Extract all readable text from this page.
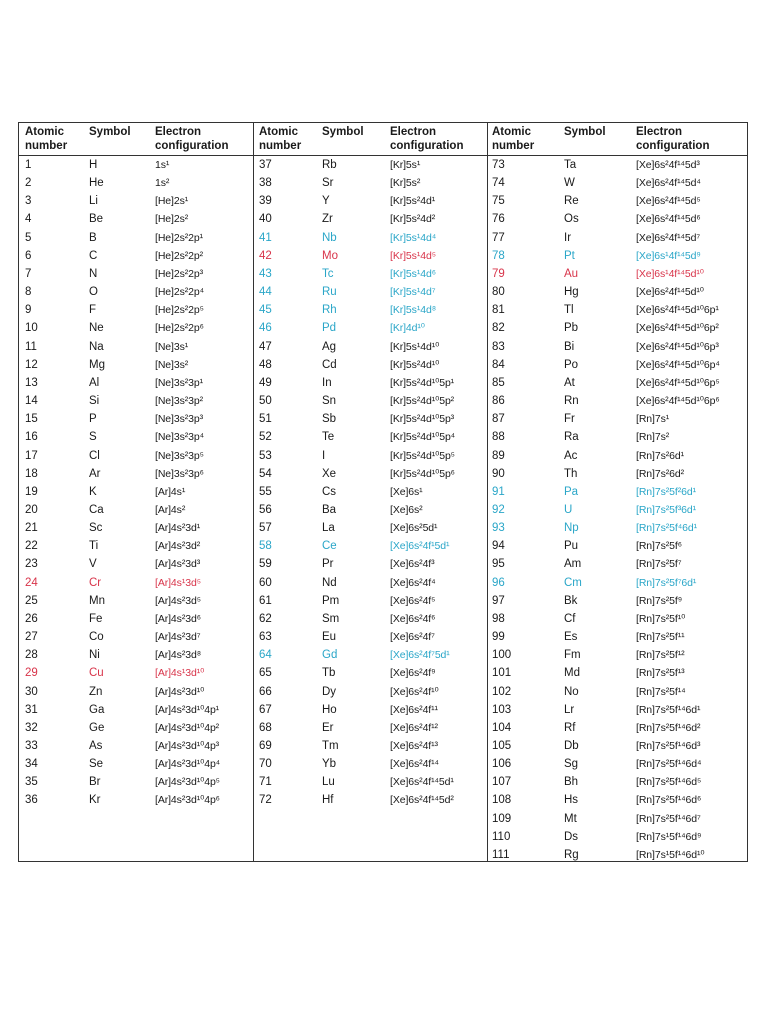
Atomic
number
Symbol Electron
configuration
1	H	1s¹
2	He	1s²
3	Li	[He]2s¹
4	Be	[He]2s²
5	B	[He]2s²2p¹
6	C	[He]2s²2p²
7	N	[He]2s²2p³
8	O	[He]2s²2p⁴
9	F	[He]2s²2p⁵
10	Ne	[He]2s²2p⁶
11	Na	[Ne]3s¹
12	Mg	[Ne]3s²
13	Al	[Ne]3s²3p¹
14	Si	[Ne]3s²3p²
15	P	[Ne]3s²3p³
16	S	[Ne]3s²3p⁴
17	Cl	[Ne]3s²3p⁵
18	Ar	[Ne]3s²3p⁶
19	K	[Ar]4s¹
20	Ca	[Ar]4s²
21	Sc	[Ar]4s²3d¹
22	Ti	[Ar]4s²3d²
23	V	[Ar]4s²3d³
24	Cr	[Ar]4s¹3d⁵
25	Mn	[Ar]4s²3d⁵
26	Fe	[Ar]4s²3d⁶
27	Co	[Ar]4s²3d⁷
28	Ni	[Ar]4s²3d⁸
29	Cu	[Ar]4s¹3d¹⁰
30	Zn	[Ar]4s²3d¹⁰
31	Ga	[Ar]4s²3d¹⁰4p¹
32	Ge	[Ar]4s²3d¹⁰4p²
33	As	[Ar]4s²3d¹⁰4p³
34	Se	[Ar]4s²3d¹⁰4p⁴
35	Br	[Ar]4s²3d¹⁰4p⁵
36	Kr	[Ar]4s²3d¹⁰4p⁶
Atomic
number
Symbol Electron
configuration
37	Rb	[Kr]5s¹
38	Sr	[Kr]5s²
39	Y	[Kr]5s²4d¹
40	Zr	[Kr]5s²4d²
41	Nb	[Kr]5s¹4d⁴
42	Mo	[Kr]5s¹4d⁵
43	Tc	[Kr]5s¹4d⁶
44	Ru	[Kr]5s¹4d⁷
45	Rh	[Kr]5s¹4d⁸
46	Pd	[Kr]4d¹⁰
47	Ag	[Kr]5s¹4d¹⁰
48	Cd	[Kr]5s²4d¹⁰
49	In	[Kr]5s²4d¹⁰5p¹
50	Sn	[Kr]5s²4d¹⁰5p²
51	Sb	[Kr]5s²4d¹⁰5p³
52	Te	[Kr]5s²4d¹⁰5p⁴
53	I	[Kr]5s²4d¹⁰5p⁵
54	Xe	[Kr]5s²4d¹⁰5p⁶
55	Cs	[Xe]6s¹
56	Ba	[Xe]6s²
57	La	[Xe]6s²5d¹
58	Ce	[Xe]6s²4f¹5d¹
59	Pr	[Xe]6s²4f³
60	Nd	[Xe]6s²4f⁴
61	Pm	[Xe]6s²4f⁵
62	Sm	[Xe]6s²4f⁶
63	Eu	[Xe]6s²4f⁷
64	Gd	[Xe]6s²4f⁷5d¹
65	Tb	[Xe]6s²4f⁹
66	Dy	[Xe]6s²4f¹⁰
67	Ho	[Xe]6s²4f¹¹
68	Er	[Xe]6s²4f¹²
69	Tm	[Xe]6s²4f¹³
70	Yb	[Xe]6s²4f¹⁴
71	Lu	[Xe]6s²4f¹⁴5d¹
72	Hf	[Xe]6s²4f¹⁴5d²
Atomic
number
Symbol	Electron
configuration
73	Ta	[Xe]6s²4f¹⁴5d³
74	W	[Xe]6s²4f¹⁴5d⁴
75	Re	[Xe]6s²4f¹⁴5d⁵
76	Os	[Xe]6s²4f¹⁴5d⁶
77	Ir	[Xe]6s²4f¹⁴5d⁷
78	Pt	[Xe]6s¹4f¹⁴5d⁹
79	Au	[Xe]6s¹4f¹⁴5d¹⁰
80	Hg	[Xe]6s²4f¹⁴5d¹⁰
81	Tl	[Xe]6s²4f¹⁴5d¹⁰6p¹
82	Pb	[Xe]6s²4f¹⁴5d¹⁰6p²
83	Bi	[Xe]6s²4f¹⁴5d¹⁰6p³
84	Po	[Xe]6s²4f¹⁴5d¹⁰6p⁴
85	At	[Xe]6s²4f¹⁴5d¹⁰6p⁵
86	Rn	[Xe]6s²4f¹⁴5d¹⁰6p⁶
87	Fr	[Rn]7s¹
88	Ra	[Rn]7s²
89	Ac	[Rn]7s²6d¹
90	Th	[Rn]7s²6d²
91	Pa	[Rn]7s²5f²6d¹
92	U	[Rn]7s²5f³6d¹
93	Np	[Rn]7s²5f⁴6d¹
94	Pu	[Rn]7s²5f⁶
95	Am	[Rn]7s²5f⁷
96	Cm	[Rn]7s²5f⁷6d¹
97	Bk	[Rn]7s²5f⁹
98	Cf	[Rn]7s²5f¹⁰
99	Es	[Rn]7s²5f¹¹
100	Fm	[Rn]7s²5f¹²
101	Md	[Rn]7s²5f¹³
102	No	[Rn]7s²5f¹⁴
103	Lr	[Rn]7s²5f¹⁴6d¹
104	Rf	[Rn]7s²5f¹⁴6d²
105	Db	[Rn]7s²5f¹⁴6d³
106	Sg	[Rn]7s²5f¹⁴6d⁴
107	Bh	[Rn]7s²5f¹⁴6d⁵
108	Hs	[Rn]7s²5f¹⁴6d⁶
109	Mt	[Rn]7s²5f¹⁴6d⁷
110	Ds	[Rn]7s¹5f¹⁴6d⁹
111	Rg	[Rn]7s¹5f¹⁴6d¹⁰
